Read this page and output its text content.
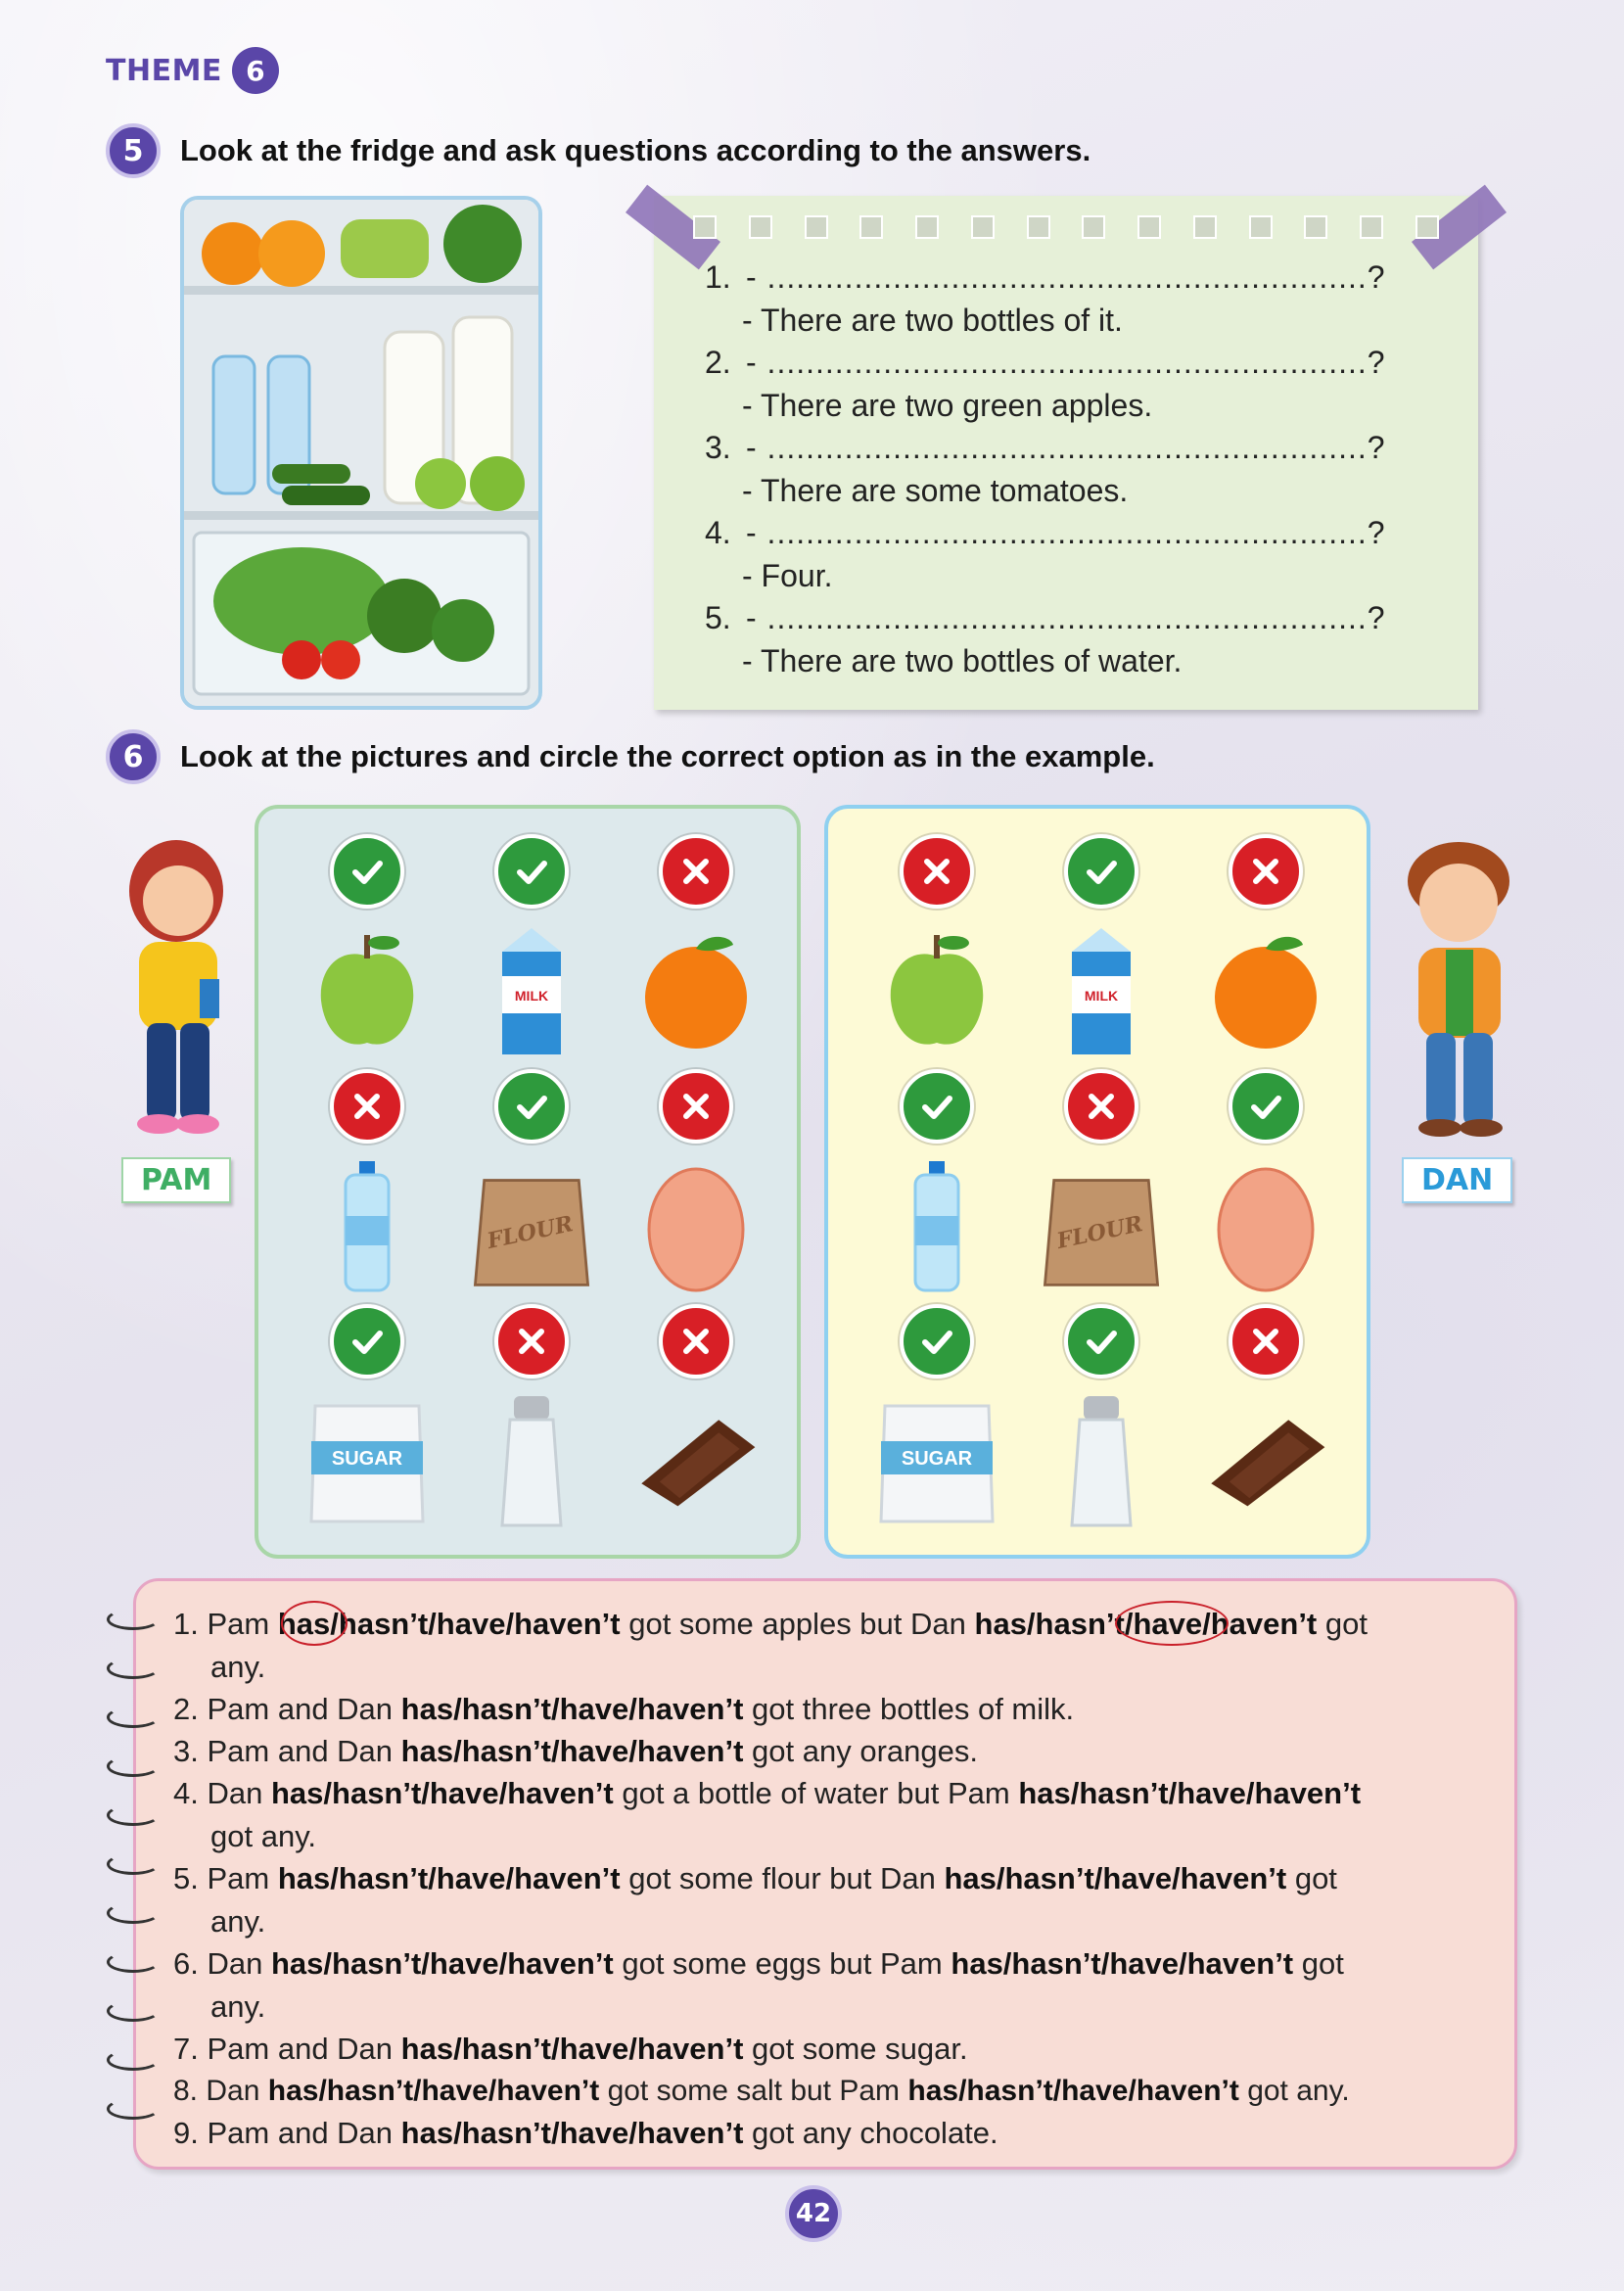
THEME 6
5	Look at the fridge and ask questions according to the answers.
1. - ..............................................................?
- There are two bottles of it.
2. - ..............................................................?
- There are two green apples.
3. - ..............................................................?
- There are some tomatoes.
4. - ..............................................................?
- Four.
5. - ..............................................................?
- There are two bottles of water.
6	Look at the pictures and circle the correct option as in the example.
PAM	DAN
MILK
FLOUR
SUGAR
MILK
FLOUR
SUGAR
1. Pam has/hasn’t/have/haven’t got some apples but Dan has/hasn’t/have/haven’t got
any.
2. Pam and Dan has/hasn’t/have/haven’t got three bottles of milk.
3. Pam and Dan has/hasn’t/have/haven’t got any oranges.
4. Dan has/hasn’t/have/haven’t got a bottle of water but Pam has/hasn’t/have/haven’t
got any.
5. Pam has/hasn’t/have/haven’t got some flour but Dan has/hasn’t/have/haven’t got
any.
6. Dan has/hasn’t/have/haven’t got some eggs but Pam has/hasn’t/have/haven’t got
any.
7. Pam and Dan has/hasn’t/have/haven’t got some sugar.
8. Dan has/hasn’t/have/haven’t got some salt but Pam has/hasn’t/have/haven’t got any.
9. Pam and Dan has/hasn’t/have/haven’t got any chocolate.
42
